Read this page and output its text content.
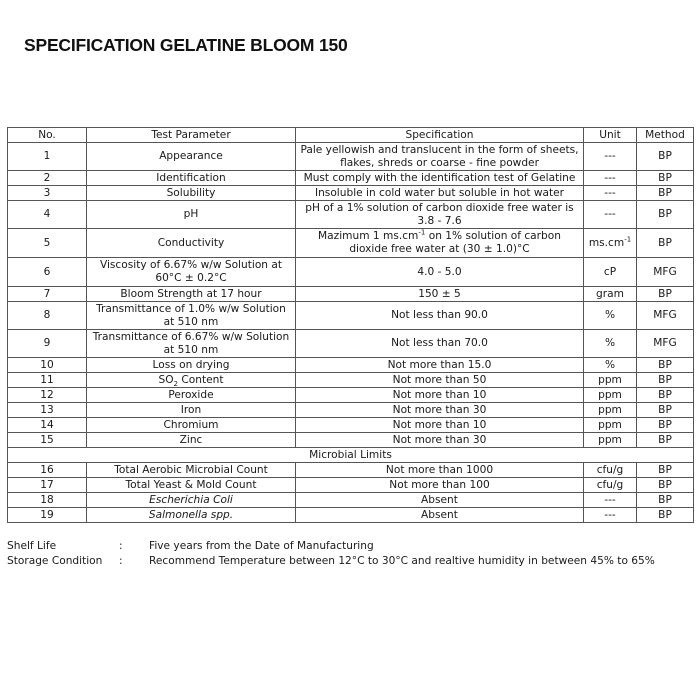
SPECIFICATION GELATINE BLOOM 150
No.	Test Parameter	Specification	Unit	Method
1	Appearance	Pale yellowish and translucent in the form of sheets, flakes, shreds or coarse - fine powder	---	BP
2	Identification	Must comply with the identification test of Gelatine	---	BP
3	Solubility	Insoluble in cold water but soluble in hot water	---	BP
4	pH	pH of a 1% solution of carbon dioxide free water is 3.8 - 7.6	---	BP
5	Conductivity	Mazimum 1 $ms.cm^{-1}$ on 1% solution of carbon dioxide free water at (30 ± 1.0)°C	$ms.cm^{-1}$	BP
6	Viscosity of 6.67% w/w Solution at 60°C ± 0.2°C	4.0 - 5.0	cP	MFG
7	Bloom Strength at 17 hour	150 ± 5	gram	BP
8	Transmittance of 1.0% w/w Solution at 510 nm	Not less than 90.0	%	MFG
9	Transmittance of 6.67% w/w Solution at 510 nm	Not less than 70.0	%	MFG
10	Loss on drying	Not more than 15.0	%	BP
11	$SO_2$ Content	Not more than 50	ppm	BP
12	Peroxide	Not more than 10	ppm	BP
13	Iron	Not more than 30	ppm	BP
14	Chromium	Not more than 10	ppm	BP
15	Zinc	Not more than 30	ppm	BP
Microbial Limits				
16	Total Aerobic Microbial Count	Not more than 1000	cfu/g	BP
17	Total Yeast & Mold Count	Not more than 100	cfu/g	BP
18	Escherichia Coli	Absent	---	BP
19	Salmonella spp.	Absent	---	BP
Shelf Life	: Five years from the Date of Manufacturing
Storage Condition : Recommend Temperature between 12°C to 30°C and realtive humidity in between 45% to 65%
